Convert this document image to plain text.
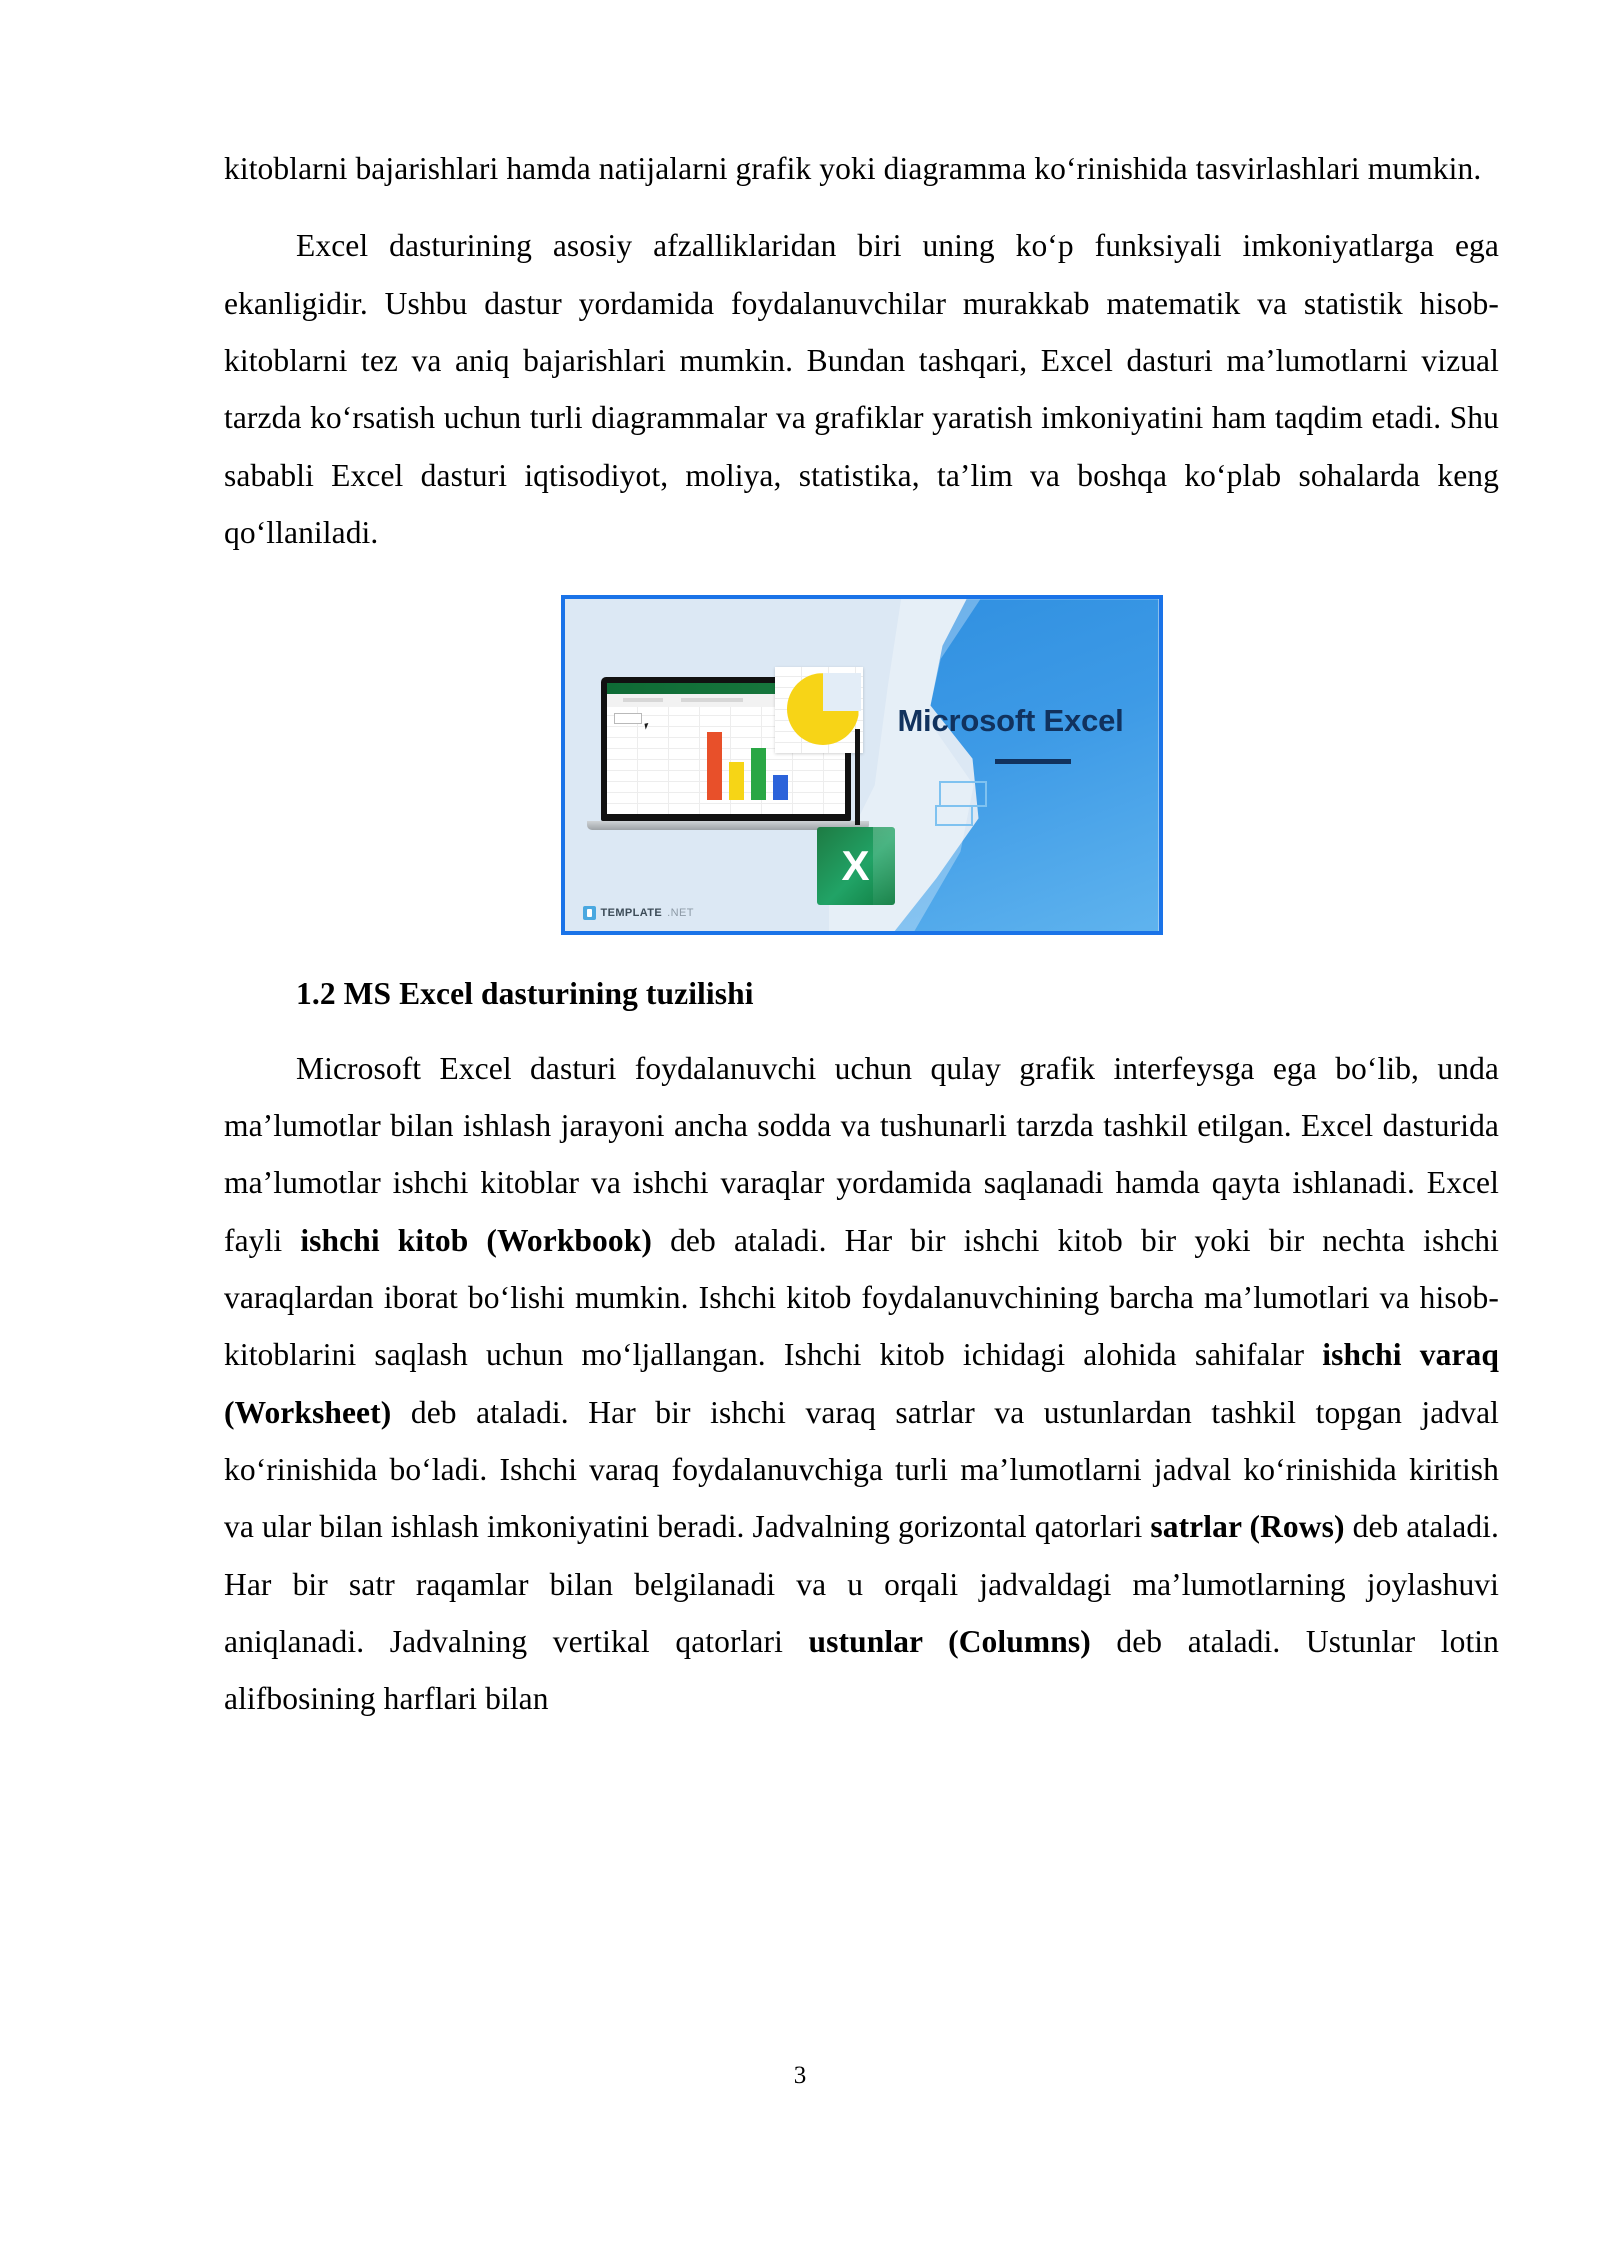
kitoblarni bajarishlari hamda natijalarni grafik yoki diagramma ko‘rinishida tasvirlashlari mumkin.

Excel dasturining asosiy afzalliklaridan biri uning ko‘p funksiyali imkoniyatlarga ega ekanligidir. Ushbu dastur yordamida foydalanuvchilar murakkab matematik va statistik hisob-kitoblarni tez va aniq bajarishlari mumkin. Bundan tashqari, Excel dasturi ma’lumotlarni vizual tarzda ko‘rsatish uchun turli diagrammalar va grafiklar yaratish imkoniyatini ham taqdim etadi. Shu sababli Excel dasturi iqtisodiyot, moliya, statistika, ta’lim va boshqa ko‘plab sohalarda keng qo‘llaniladi.

X
Microsoft Excel
TEMPLATE .NET
1.2 MS Excel dasturining tuzilishi

Microsoft Excel dasturi foydalanuvchi uchun qulay grafik interfeysga ega bo‘lib, unda ma’lumotlar bilan ishlash jarayoni ancha sodda va tushunarli tarzda tashkil etilgan. Excel dasturida ma’lumotlar ishchi kitoblar va ishchi varaqlar yordamida saqlanadi hamda qayta ishlanadi. Excel fayli ishchi kitob (Workbook) deb ataladi. Har bir ishchi kitob bir yoki bir nechta ishchi varaqlardan iborat bo‘lishi mumkin. Ishchi kitob foydalanuvchining barcha ma’lumotlari va hisob-kitoblarini saqlash uchun mo‘ljallangan. Ishchi kitob ichidagi alohida sahifalar ishchi varaq (Worksheet) deb ataladi. Har bir ishchi varaq satrlar va ustunlardan tashkil topgan jadval ko‘rinishida bo‘ladi. Ishchi varaq foydalanuvchiga turli ma’lumotlarni jadval ko‘rinishida kiritish va ular bilan ishlash imkoniyatini beradi. Jadvalning gorizontal qatorlari satrlar (Rows) deb ataladi. Har bir satr raqamlar bilan belgilanadi va u orqali jadvaldagi ma’lumotlarning joylashuvi aniqlanadi. Jadvalning vertikal qatorlari ustunlar (Columns) deb ataladi. Ustunlar lotin alifbosining harflari bilan

3
